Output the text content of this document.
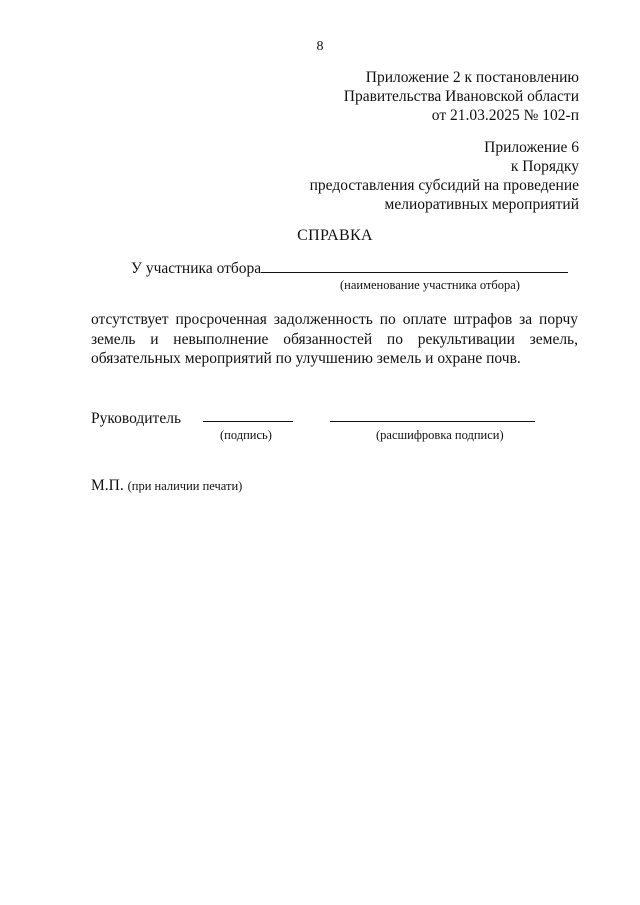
8
Приложение 2 к постановлению
Правительства Ивановской области
от 21.03.2025 № 102-п
Приложение 6
к Порядку
предоставления субсидий на проведение
мелиоративных мероприятий
СПРАВКА
У участника отбора
(наименование участника отбора)
отсутствует просроченная задолженность по оплате штрафов за порчу земель и невыполнение обязанностей по рекультивации земель, обязательных мероприятий по улучшению земель и охране почв.
Руководитель
(подпись)	(расшифровка подписи)
М.П. (при наличии печати)
